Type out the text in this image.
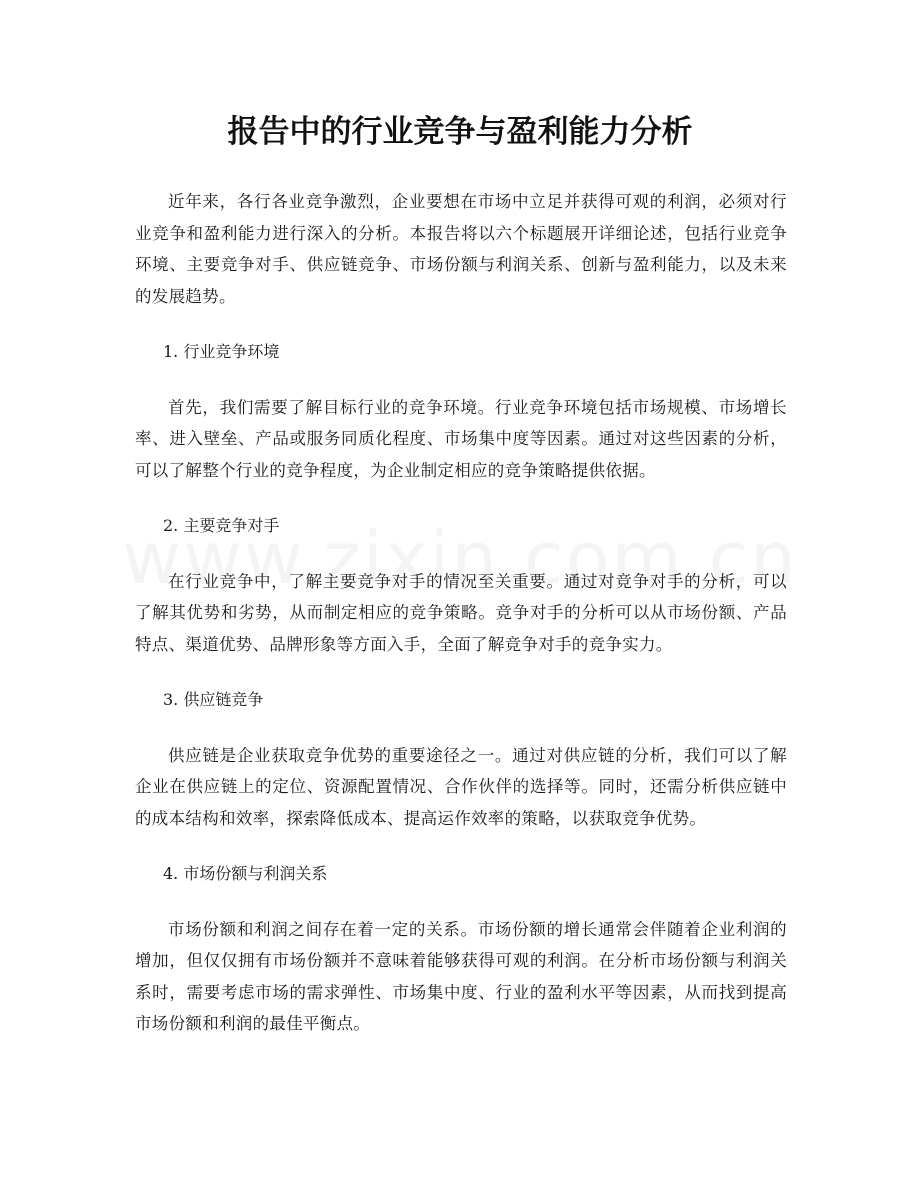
报告中的行业竞争与盈利能力分析

近年来，各行各业竞争激烈，企业要想在市场中立足并获得可观的利润，必须对行业竞争和盈利能力进行深入的分析。本报告将以六个标题展开详细论述，包括行业竞争环境、主要竞争对手、供应链竞争、市场份额与利润关系、创新与盈利能力，以及未来的发展趋势。

1. 行业竞争环境

首先，我们需要了解目标行业的竞争环境。行业竞争环境包括市场规模、市场增长率、进入壁垒、产品或服务同质化程度、市场集中度等因素。通过对这些因素的分析，可以了解整个行业的竞争程度，为企业制定相应的竞争策略提供依据。

2. 主要竞争对手

在行业竞争中，了解主要竞争对手的情况至关重要。通过对竞争对手的分析，可以了解其优势和劣势，从而制定相应的竞争策略。竞争对手的分析可以从市场份额、产品特点、渠道优势、品牌形象等方面入手，全面了解竞争对手的竞争实力。

3. 供应链竞争

供应链是企业获取竞争优势的重要途径之一。通过对供应链的分析，我们可以了解企业在供应链上的定位、资源配置情况、合作伙伴的选择等。同时，还需分析供应链中的成本结构和效率，探索降低成本、提高运作效率的策略，以获取竞争优势。

4. 市场份额与利润关系

市场份额和利润之间存在着一定的关系。市场份额的增长通常会伴随着企业利润的增加，但仅仅拥有市场份额并不意味着能够获得可观的利润。在分析市场份额与利润关系时，需要考虑市场的需求弹性、市场集中度、行业的盈利水平等因素，从而找到提高市场份额和利润的最佳平衡点。
